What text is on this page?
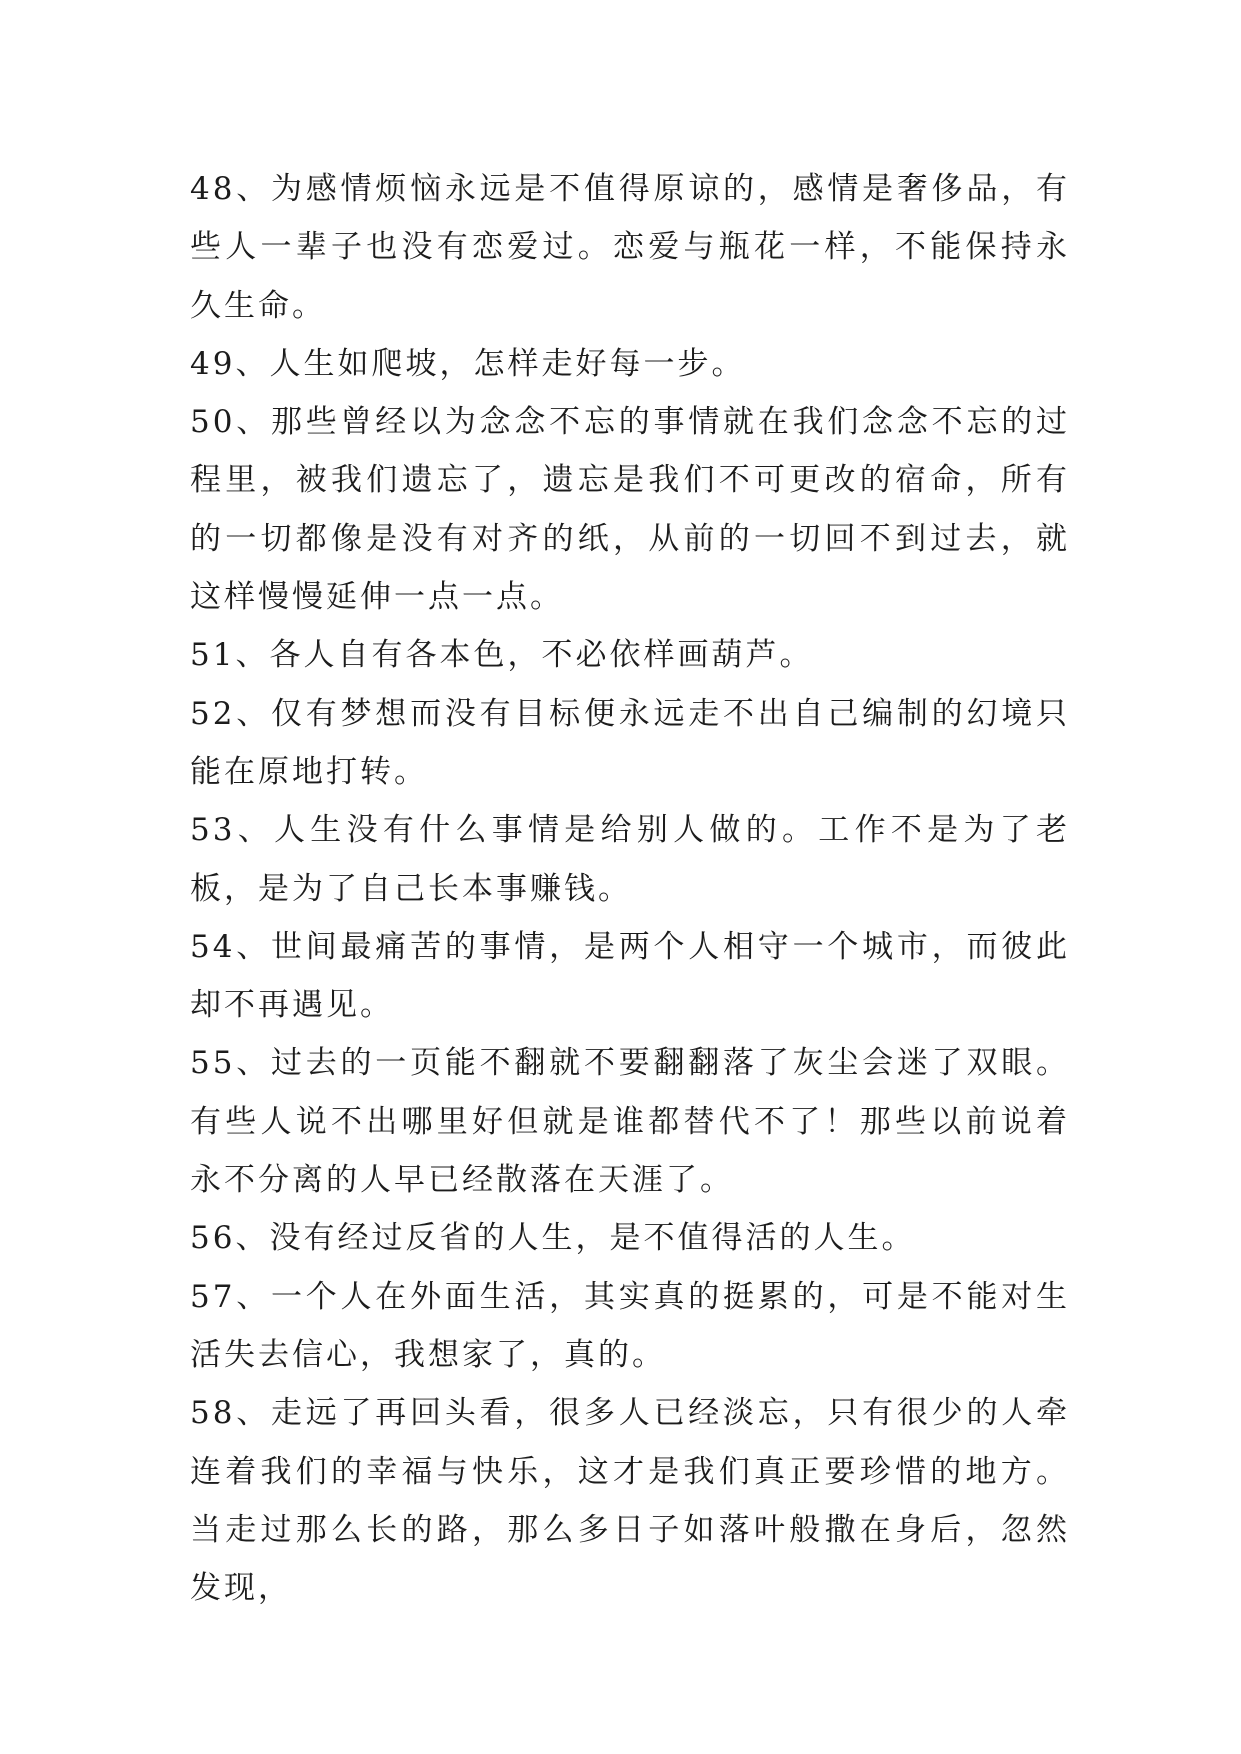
48、为感情烦恼永远是不值得原谅的，感情是奢侈品，有些人一辈子也没有恋爱过。恋爱与瓶花一样，不能保持永久生命。

49、人生如爬坡，怎样走好每一步。

50、那些曾经以为念念不忘的事情就在我们念念不忘的过程里，被我们遗忘了，遗忘是我们不可更改的宿命，所有的一切都像是没有对齐的纸，从前的一切回不到过去，就这样慢慢延伸一点一点。

51、各人自有各本色，不必依样画葫芦。

52、仅有梦想而没有目标便永远走不出自己编制的幻境只能在原地打转。

53、人生没有什么事情是给别人做的。工作不是为了老板，是为了自己长本事赚钱。

54、世间最痛苦的事情，是两个人相守一个城市，而彼此却不再遇见。

55、过去的一页能不翻就不要翻翻落了灰尘会迷了双眼。有些人说不出哪里好但就是谁都替代不了！那些以前说着永不分离的人早已经散落在天涯了。

56、没有经过反省的人生，是不值得活的人生。

57、一个人在外面生活，其实真的挺累的，可是不能对生活失去信心，我想家了，真的。

58、走远了再回头看，很多人已经淡忘，只有很少的人牵连着我们的幸福与快乐，这才是我们真正要珍惜的地方。当走过那么长的路，那么多日子如落叶般撒在身后，忽然发现，
